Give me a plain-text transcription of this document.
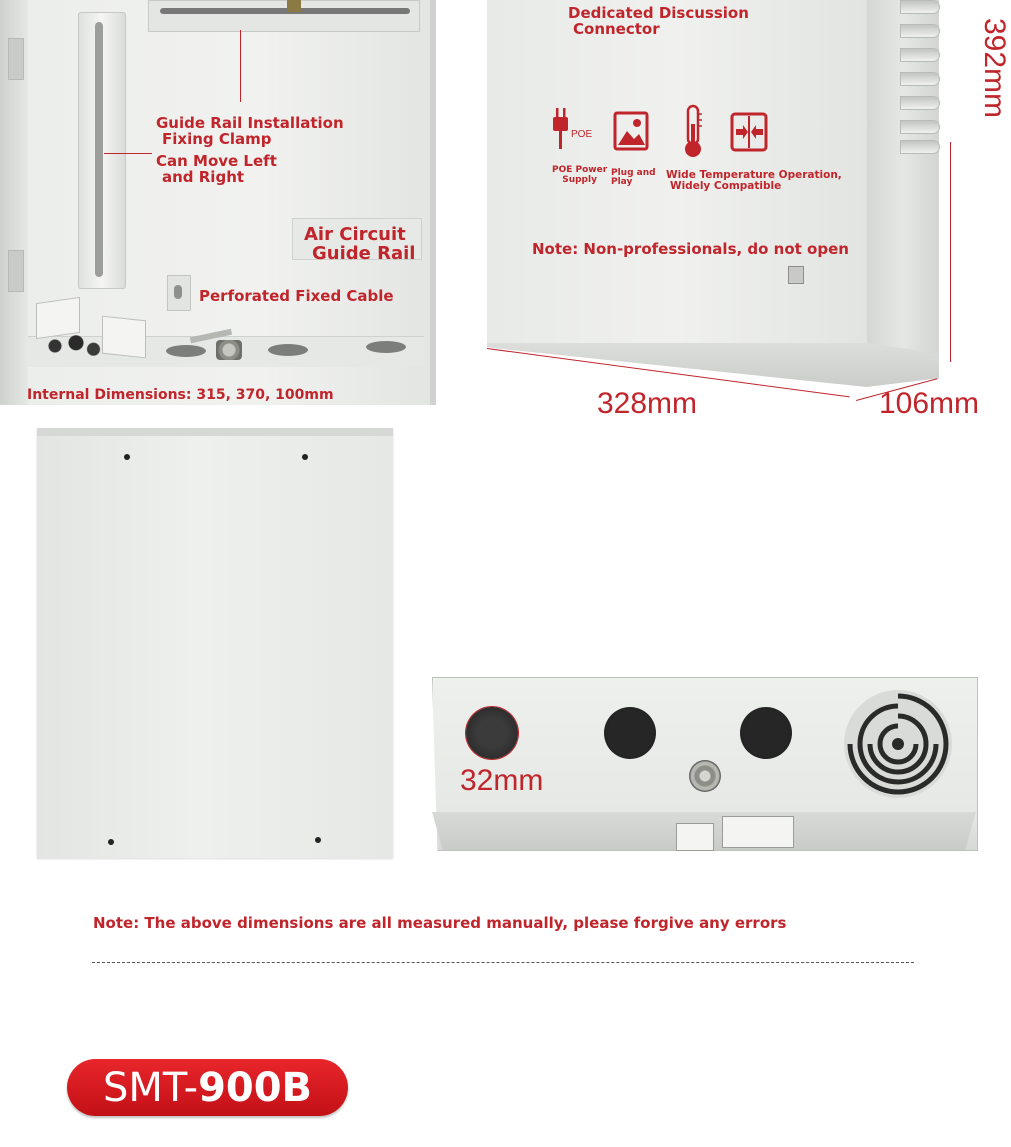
Guide Rail Installation
Fixing Clamp
Can Move Left
and Right
Air Circuit
Guide Rail
Perforated Fixed Cable
Internal Dimensions: 315, 370, 100mm
Dedicated Discussion
Connector
POE
POE Power
Supply
Plug and
Play
Wide Temperature Operation,
Widely Compatible
Note: Non-professionals, do not open
328mm	106mm
392mm
32mm
Note: The above dimensions are all measured manually, please forgive any errors
SMT- 900B
